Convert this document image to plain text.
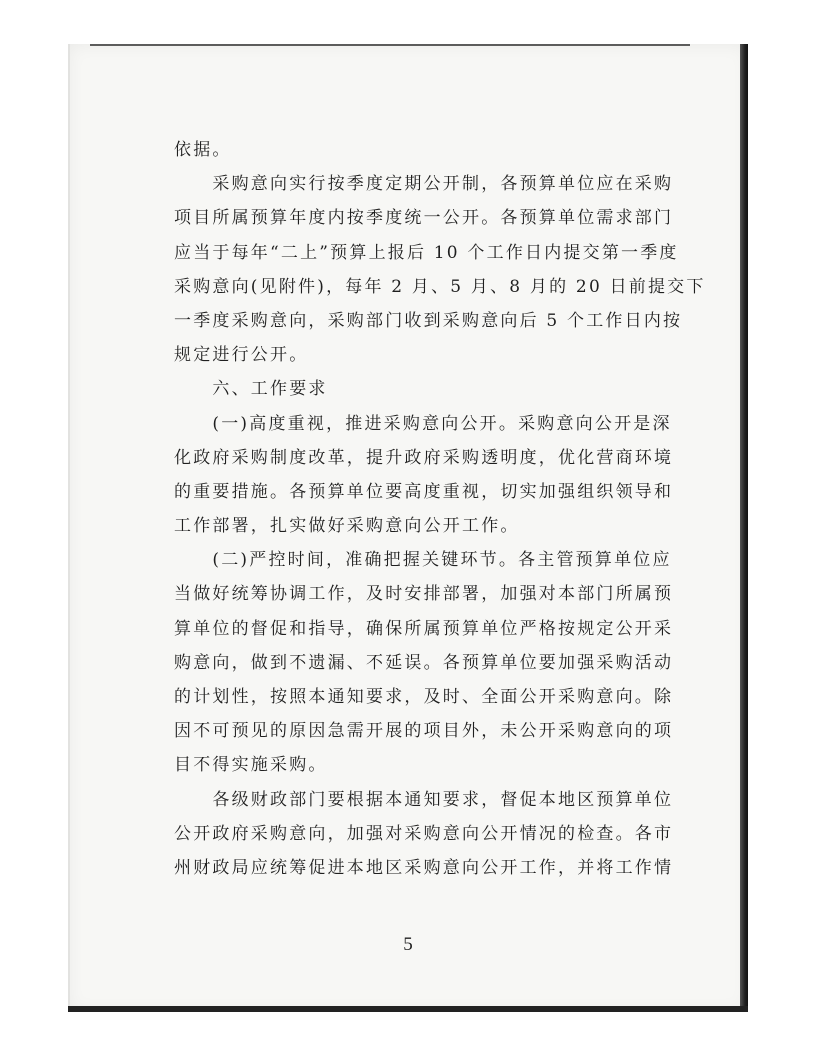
依据。
　　采购意向实行按季度定期公开制，各预算单位应在采购
项目所属预算年度内按季度统一公开。各预算单位需求部门
应当于每年“二上”预算上报后 10 个工作日内提交第一季度
采购意向(见附件)，每年 2 月、5 月、8 月的 20 日前提交下
一季度采购意向，采购部门收到采购意向后 5 个工作日内按
规定进行公开。
　　六、工作要求
　　(一)高度重视，推进采购意向公开。采购意向公开是深
化政府采购制度改革，提升政府采购透明度，优化营商环境
的重要措施。各预算单位要高度重视，切实加强组织领导和
工作部署，扎实做好采购意向公开工作。
　　(二)严控时间，准确把握关键环节。各主管预算单位应
当做好统筹协调工作，及时安排部署，加强对本部门所属预
算单位的督促和指导，确保所属预算单位严格按规定公开采
购意向，做到不遗漏、不延误。各预算单位要加强采购活动
的计划性，按照本通知要求，及时、全面公开采购意向。除
因不可预见的原因急需开展的项目外，未公开采购意向的项
目不得实施采购。
　　各级财政部门要根据本通知要求，督促本地区预算单位
公开政府采购意向，加强对采购意向公开情况的检查。各市
州财政局应统筹促进本地区采购意向公开工作，并将工作情
5
